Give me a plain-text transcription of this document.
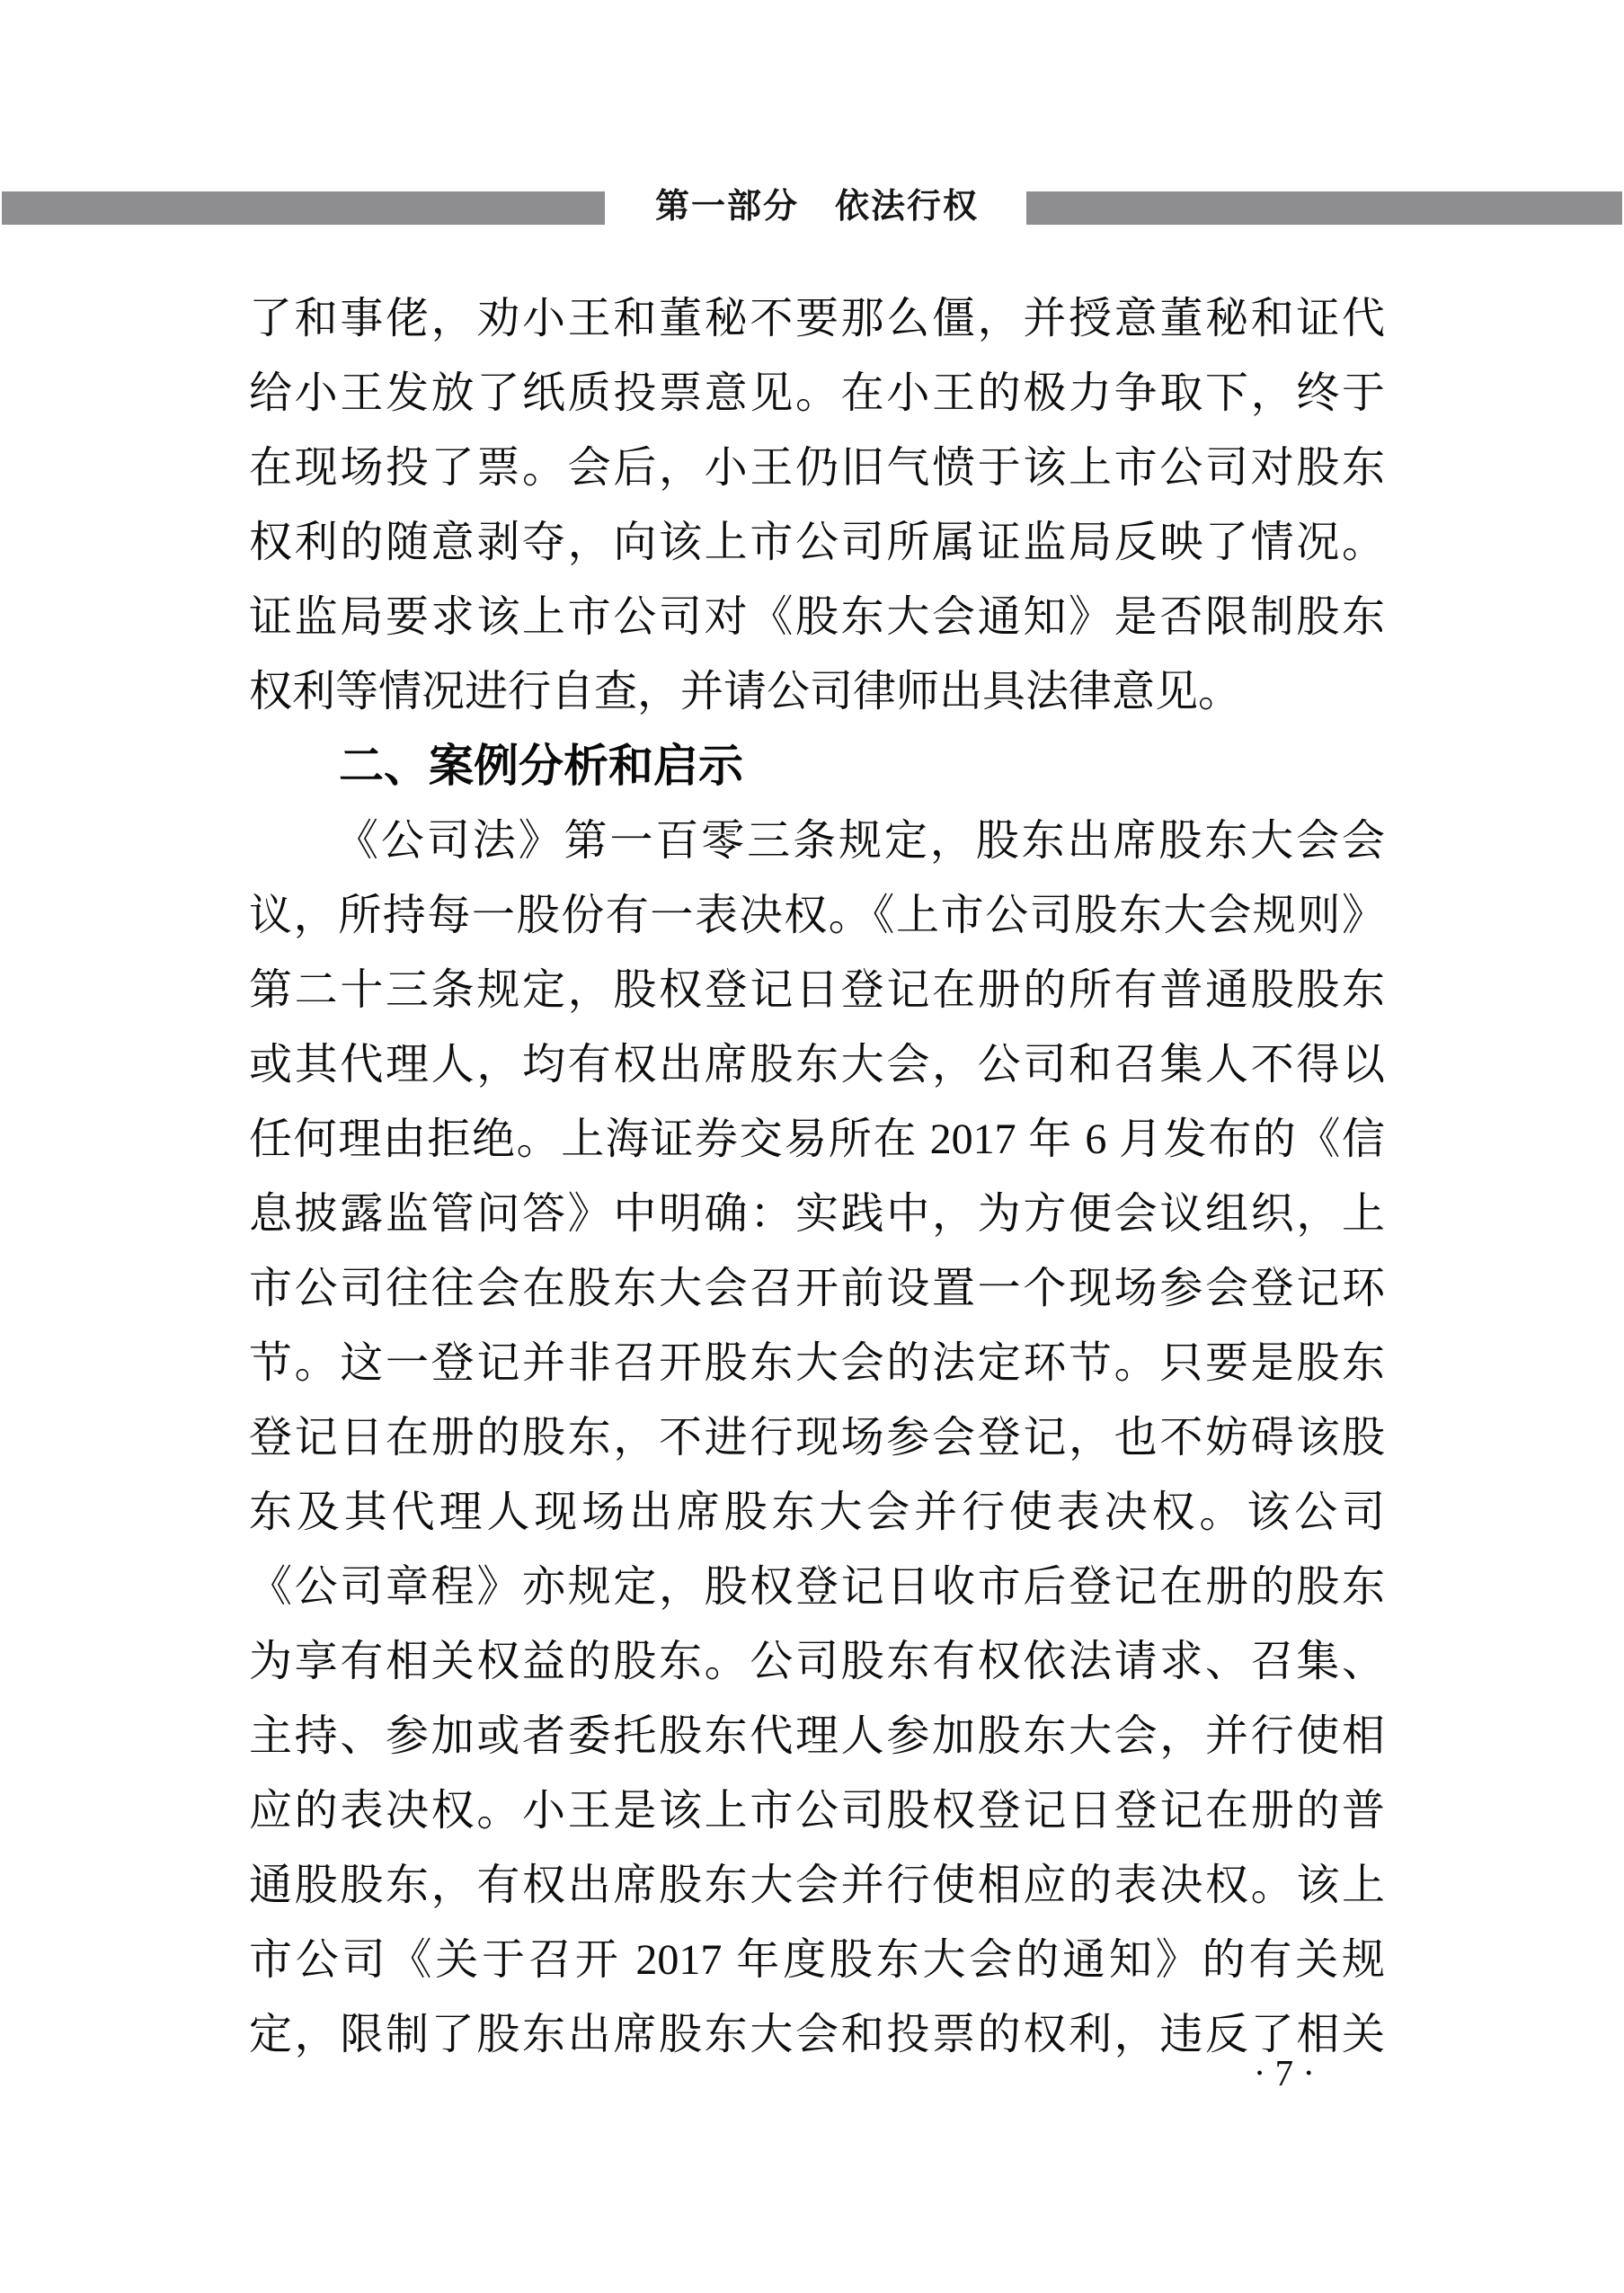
第一部分　依法行权
了和事佬，劝小王和董秘不要那么僵，并授意董秘和证代
给小王发放了纸质投票意见。在小王的极力争取下，终于
在现场投了票。会后，小王仍旧气愤于该上市公司对股东
权利的随意剥夺，向该上市公司所属证监局反映了情况。
证监局要求该上市公司对《股东大会通知》是否限制股东
权利等情况进行自查，并请公司律师出具法律意见。
二、案例分析和启示
《公司法》第一百零三条规定，股东出席股东大会会
议，所持每一股份有一表决权。《上市公司股东大会规则》
第二十三条规定，股权登记日登记在册的所有普通股股东
或其代理人，均有权出席股东大会，公司和召集人不得以
任何理由拒绝。上海证券交易所在 2017 年 6 月发布的《信
息披露监管问答》中明确：实践中，为方便会议组织，上
市公司往往会在股东大会召开前设置一个现场参会登记环
节。这一登记并非召开股东大会的法定环节。只要是股东
登记日在册的股东，不进行现场参会登记，也不妨碍该股
东及其代理人现场出席股东大会并行使表决权。该公司
《公司章程》亦规定，股权登记日收市后登记在册的股东
为享有相关权益的股东。公司股东有权依法请求、召集、
主持、参加或者委托股东代理人参加股东大会，并行使相
应的表决权。小王是该上市公司股权登记日登记在册的普
通股股东，有权出席股东大会并行使相应的表决权。该上
市公司《关于召开 2017 年度股东大会的通知》的有关规
定，限制了股东出席股东大会和投票的权利，违反了相关
· 7 ·
